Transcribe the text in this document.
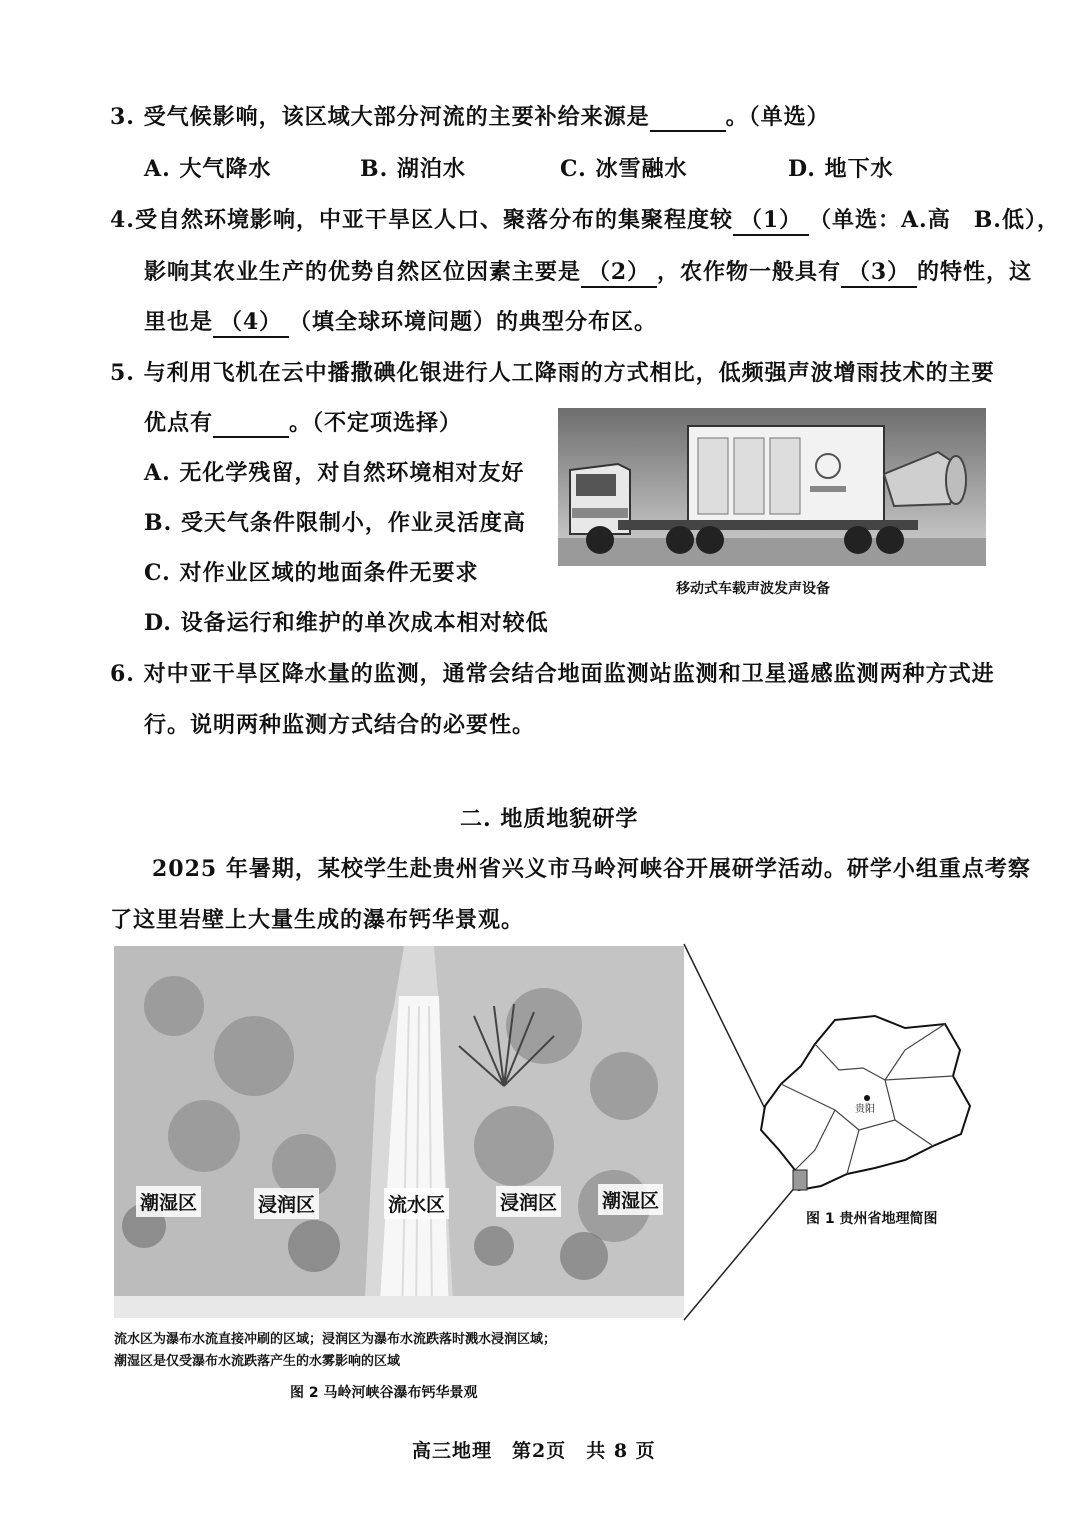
3. 受气候影响，该区域大部分河流的主要补给来源是	。（单选）
A. 大气降水	B. 湖泊水	C. 冰雪融水	D. 地下水
4.受自然环境影响，中亚干旱区人口、聚落分布的集聚程度较 （1） （单选：A.高　B.低），
影响其农业生产的优势自然区位因素主要是 （2） ，农作物一般具有 （3） 的特性，这
里也是 （4） （填全球环境问题）的典型分布区。
5. 与利用飞机在云中播撒碘化银进行人工降雨的方式相比，低频强声波增雨技术的主要
优点有	。（不定项选择）
A. 无化学残留，对自然环境相对友好
B. 受天气条件限制小，作业灵活度高
C. 对作业区域的地面条件无要求
D. 设备运行和维护的单次成本相对较低
移动式车载声波发声设备
6. 对中亚干旱区降水量的监测，通常会结合地面监测站监测和卫星遥感监测两种方式进
行。说明两种监测方式结合的必要性。
二. 地质地貌研学
2025 年暑期，某校学生赴贵州省兴义市马岭河峡谷开展研学活动。研学小组重点考察
了这里岩壁上大量生成的瀑布钙华景观。
潮湿区	浸润区	流水区	浸润区 潮湿区
贵阳
图 1 贵州省地理简图
流水区为瀑布水流直接冲刷的区域；浸润区为瀑布水流跌落时溅水浸润区域；
潮湿区是仅受瀑布水流跌落产生的水雾影响的区域
图 2 马岭河峡谷瀑布钙华景观
高三地理　第2页　共 8 页
